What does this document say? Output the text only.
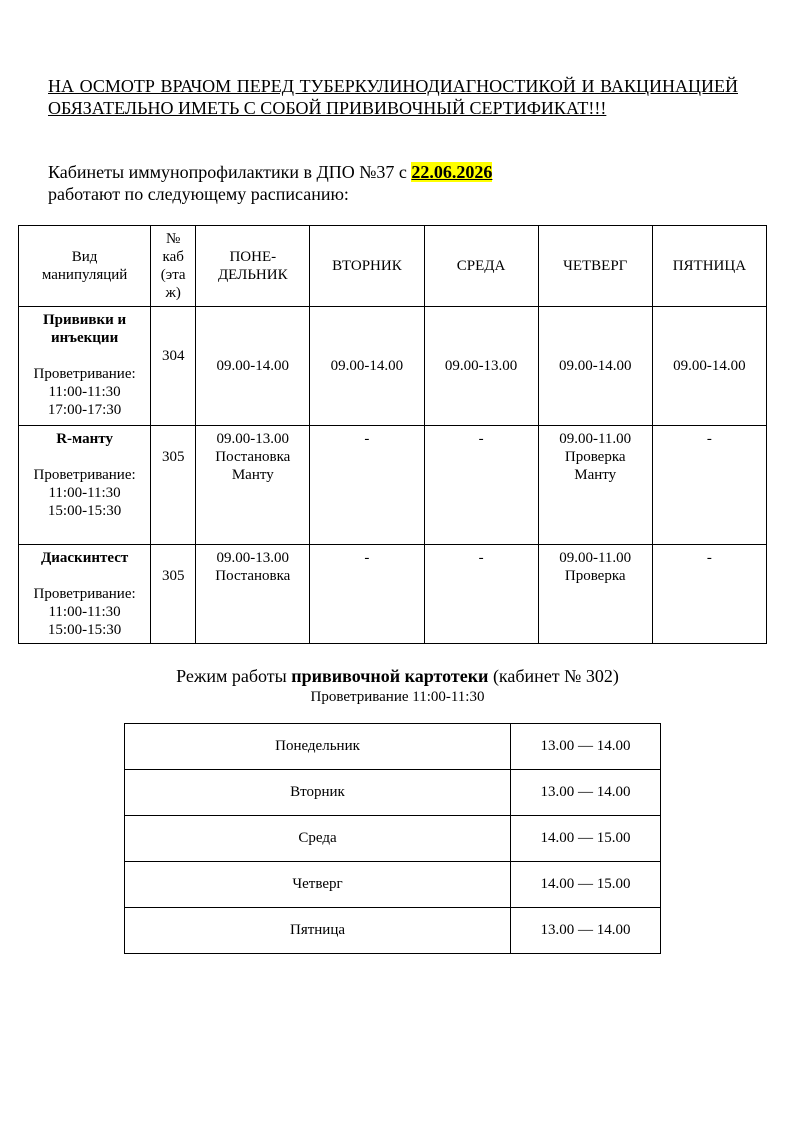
НА ОСМОТР ВРАЧОМ ПЕРЕД ТУБЕРКУЛИНОДИАГНОСТИКОЙ И ВАКЦИНАЦИЕЙ ОБЯЗАТЕЛЬНО ИМЕТЬ С СОБОЙ ПРИВИВОЧНЫЙ СЕРТИФИКАТ!!!

Кабинеты иммунопрофилактики в ДПО №37 с 22.06.2026
работают по следующему расписанию:

Вид
манипуляций	№
каб
(эта
ж)	ПОНЕ-
ДЕЛЬНИК	ВТОРНИК	СРЕДА	ЧЕТВЕРГ	ПЯТНИЦА
Прививки и
инъекции
Проветривание:
11:00-11:30
17:00-17:30	304	09.00-14.00	09.00-14.00	09.00-13.00	09.00-14.00	09.00-14.00
R-манту
Проветривание:
11:00-11:30
15:00-15:30	305	09.00-13.00
Постановка
Манту	-	-	09.00-11.00
Проверка
Манту	-
Диаскинтест
Проветривание:
11:00-11:30
15:00-15:30	305	09.00-13.00
Постановка	-	-	09.00-11.00
Проверка	-

Режим работы прививочной картотеки (кабинет № 302)

Проветривание 11:00-11:30

Понедельник	13.00 — 14.00
Вторник	13.00 — 14.00
Среда	14.00 — 15.00
Четверг	14.00 — 15.00
Пятница	13.00 — 14.00
